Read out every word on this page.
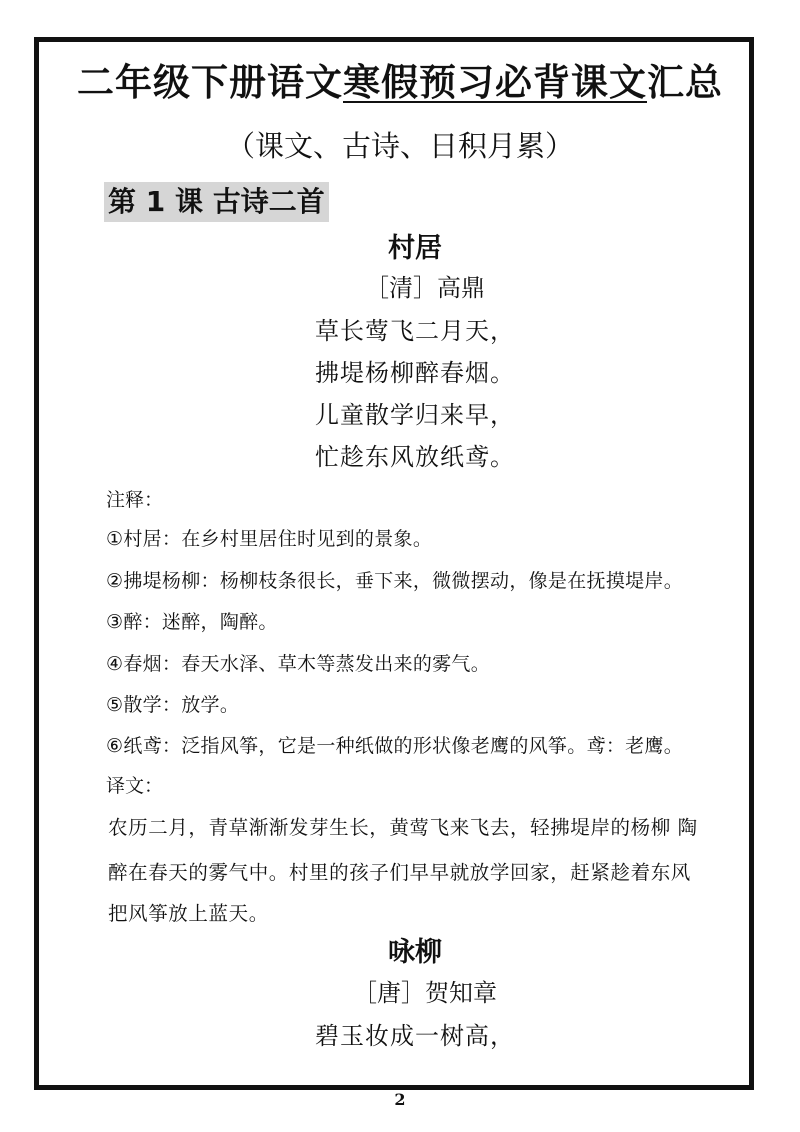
二年级下册语文寒假预习必背课文汇总
（课文、古诗、日积月累）
第 1 课 古诗二首
村居
［清］高鼎
草长莺飞二月天，
拂堤杨柳醉春烟。
儿童散学归来早，
忙趁东风放纸鸢。
注释：
①村居：在乡村里居住时见到的景象。
②拂堤杨柳：杨柳枝条很长，垂下来，微微摆动，像是在抚摸堤岸。
③醉：迷醉，陶醉。
④春烟：春天水泽、草木等蒸发出来的雾气。
⑤散学：放学。
⑥纸鸢：泛指风筝，它是一种纸做的形状像老鹰的风筝。鸢：老鹰。
译文：
农历二月，青草渐渐发芽生长，黄莺飞来飞去，轻拂堤岸的杨柳 陶
醉在春天的雾气中。村里的孩子们早早就放学回家，赶紧趁着东风
把风筝放上蓝天。
咏柳
［唐］贺知章
碧玉妆成一树高，
2
